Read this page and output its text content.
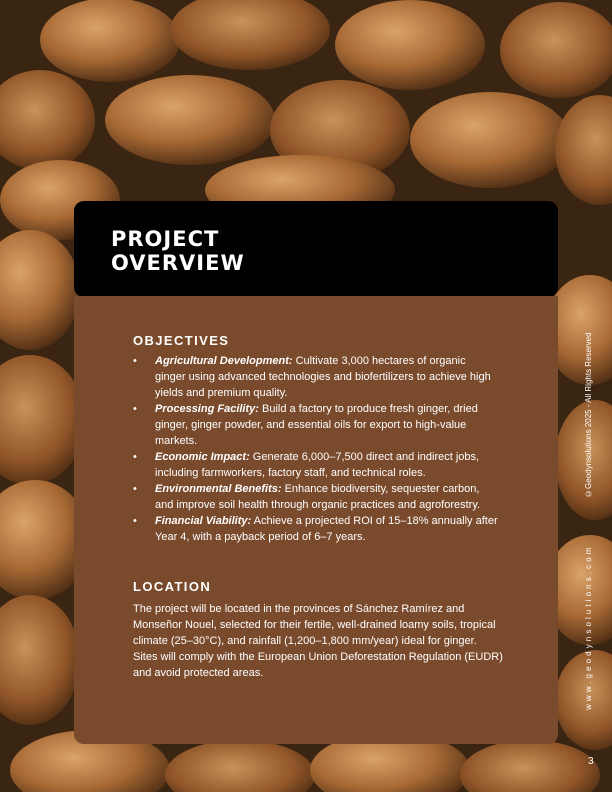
PROJECT
OVERVIEW
OBJECTIVES
• Agricultural Development: Cultivate 3,000 hectares of organic ginger using advanced technologies and biofertilizers to achieve high yields and premium quality.
• Processing Facility: Build a factory to produce fresh ginger, dried ginger, ginger powder, and essential oils for export to high-value markets.
• Economic Impact: Generate 6,000–7,500 direct and indirect jobs, including farmworkers, factory staff, and technical roles.
• Environmental Benefits: Enhance biodiversity, sequester carbon, and improve soil health through organic practices and agroforestry.
• Financial Viability: Achieve a projected ROI of 15–18% annually after Year 4, with a payback period of 6–7 years.
LOCATION

The project will be located in the provinces of Sánchez Ramírez and Monseñor Nouel, selected for their fertile, well-drained loamy soils, tropical climate (25–30°C), and rainfall (1,200–1,800 mm/year) ideal for ginger. Sites will comply with the European Union Deforestation Regulation (EUDR) and avoid protected areas.

©Geodynsolutions 2025 - All Rights Reserved
www.geodynsolutions.com
3
